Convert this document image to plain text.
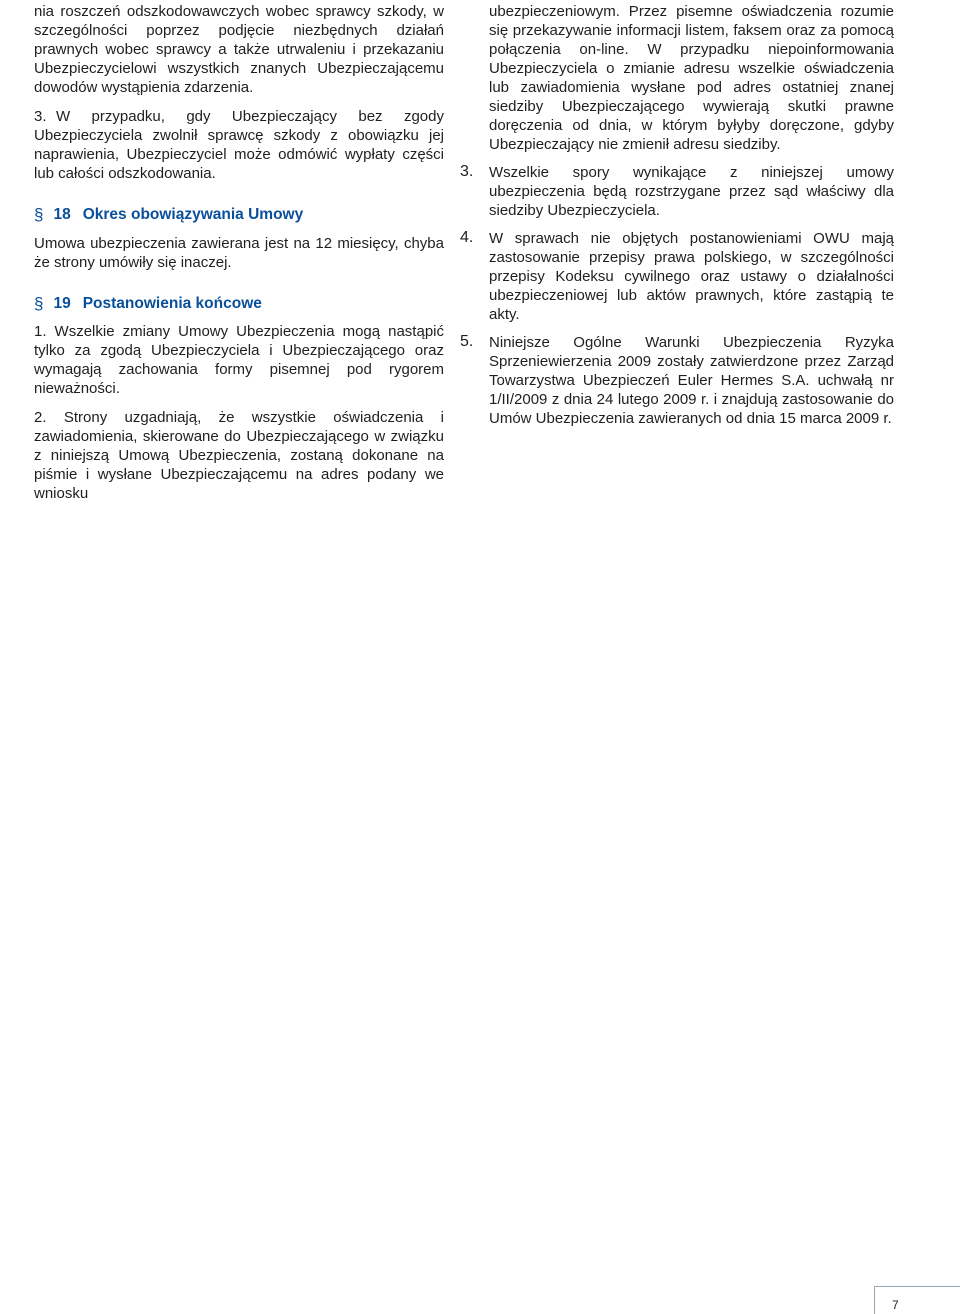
nia roszczeń odszkodowawczych wobec sprawcy szkody, w szczególności poprzez podjęcie niezbędnych działań prawnych wobec sprawcy a także utrwaleniu i przekazaniu Ubezpieczycielowi wszystkich znanych Ubezpieczającemu dowodów wystąpienia zdarzenia.

3. W przypadku, gdy Ubezpieczający bez zgody Ubezpieczyciela zwolnił sprawcę szkody z obowiązku jej naprawienia, Ubezpieczyciel może odmówić wypłaty części lub całości odszkodowania.

§ 18 Okres obowiązywania Umowy

Umowa ubezpieczenia zawierana jest na 12 miesięcy, chyba że strony umówiły się inaczej.

§ 19 Postanowienia końcowe

1. Wszelkie zmiany Umowy Ubezpieczenia mogą nastąpić tylko za zgodą Ubezpieczyciela i Ubezpieczającego oraz wymagają zachowania formy pisemnej pod rygorem nieważności.

2. Strony uzgadniają, że wszystkie oświadczenia i zawiadomienia, skierowane do Ubezpieczającego w związku z niniejszą Umową Ubezpieczenia, zostaną dokonane na piśmie i wysłane Ubezpieczającemu na adres podany we wniosku

ubezpieczeniowym. Przez pisemne oświadczenia rozumie się przekazywanie informacji listem, faksem oraz za pomocą połączenia on-line. W przypadku niepoinformowania Ubezpieczyciela o zmianie adresu wszelkie oświadczenia lub zawiadomienia wysłane pod adres ostatniej znanej siedziby Ubezpieczającego wywierają skutki prawne doręczenia od dnia, w którym byłyby doręczone, gdyby Ubezpieczający nie zmienił adresu siedziby.

3.	Wszelkie spory wynikające z niniejszej umowy ubezpieczenia będą rozstrzygane przez sąd właściwy dla siedziby Ubezpieczyciela.

4.	W sprawach nie objętych postanowieniami OWU mają zastosowanie przepisy prawa polskiego, w szczególności przepisy Kodeksu cywilnego oraz ustawy o działalności ubezpieczeniowej lub aktów prawnych, które zastąpią te akty.

5.	Niniejsze Ogólne Warunki Ubezpieczenia Ryzyka Sprzeniewierzenia 2009 zostały zatwierdzone przez Zarząd Towarzystwa Ubezpieczeń Euler Hermes S.A. uchwałą nr 1/II/2009 z dnia 24 lutego 2009 r. i znajdują zastosowanie do Umów Ubezpieczenia zawieranych od dnia 15 marca 2009 r.

7
